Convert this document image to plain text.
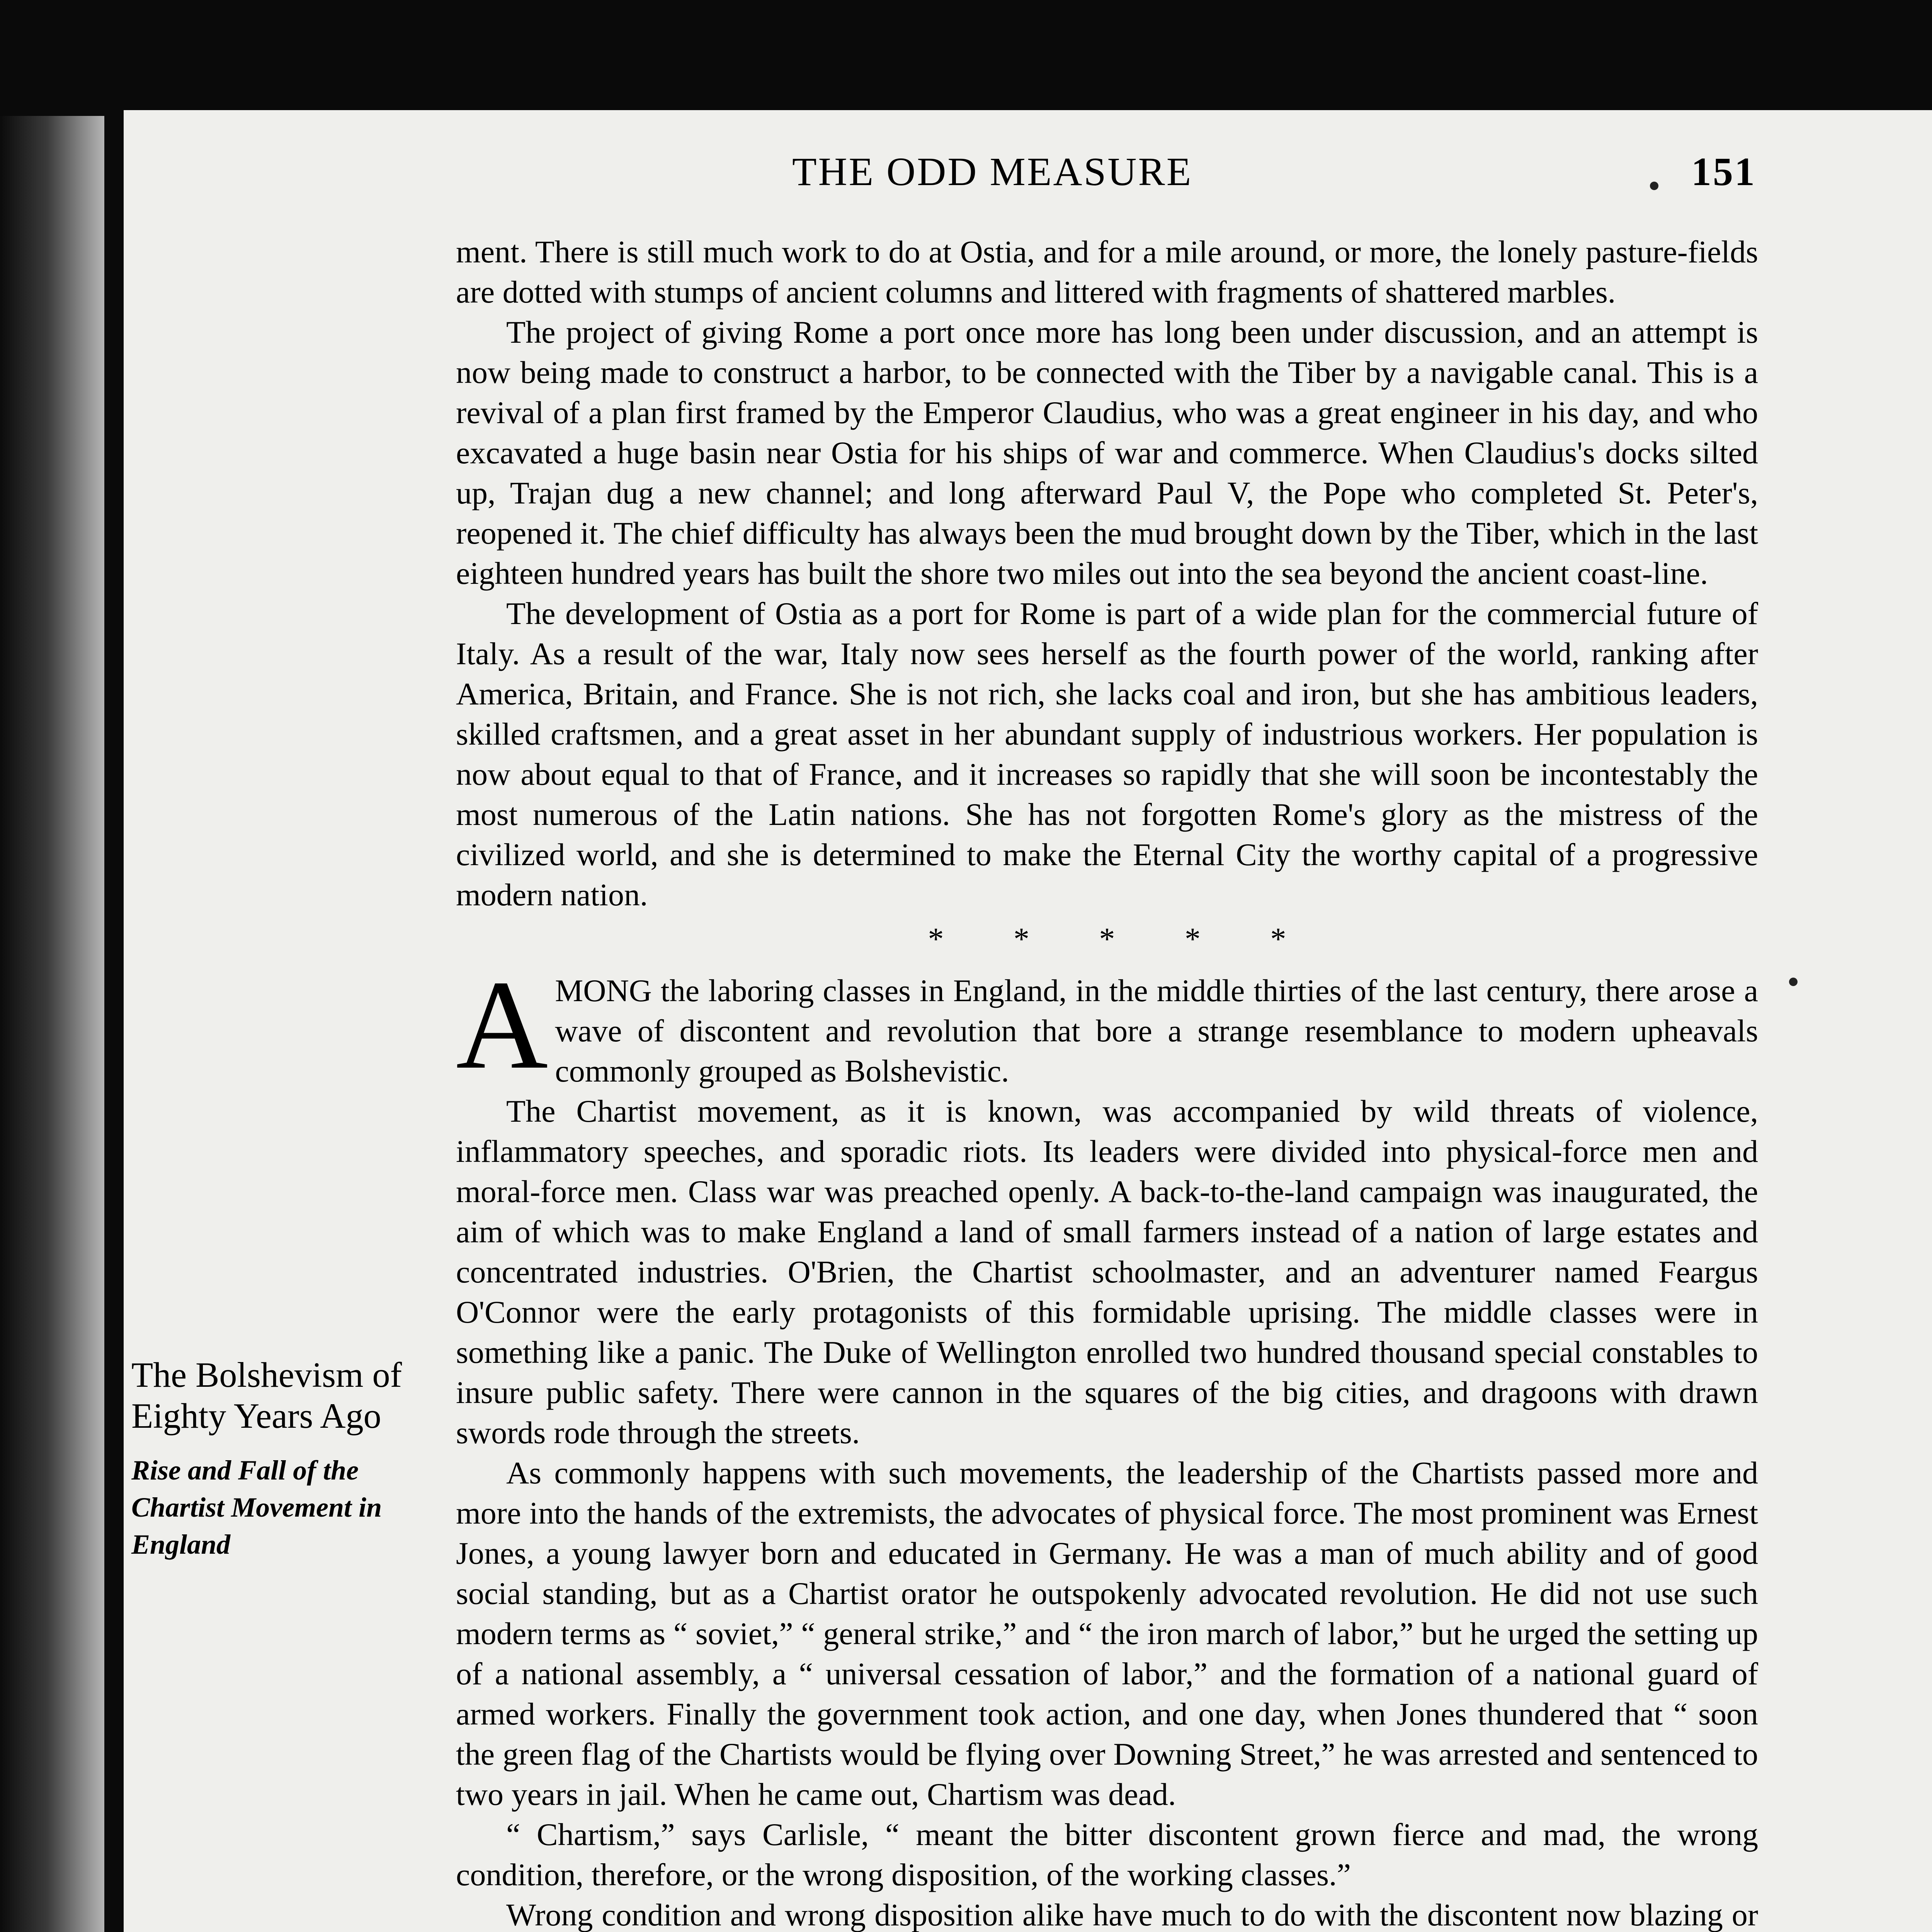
THE ODD MEASURE	151

The Bolshevism of Eighty Years Ago

Rise and Fall of the Chartist Movement in England

ment. There is still much work to do at Ostia, and for a mile around, or more, the lonely pasture-fields are dotted with stumps of ancient columns and littered with fragments of shattered marbles.

The project of giving Rome a port once more has long been under discussion, and an attempt is now being made to construct a harbor, to be connected with the Tiber by a navigable canal. This is a revival of a plan first framed by the Emperor Claudius, who was a great engineer in his day, and who excavated a huge basin near Ostia for his ships of war and commerce. When Claudius's docks silted up, Trajan dug a new channel; and long afterward Paul V, the Pope who completed St. Peter's, reopened it. The chief difficulty has always been the mud brought down by the Tiber, which in the last eighteen hundred years has built the shore two miles out into the sea beyond the ancient coast-line.

The development of Ostia as a port for Rome is part of a wide plan for the commercial future of Italy. As a result of the war, Italy now sees herself as the fourth power of the world, ranking after America, Britain, and France. She is not rich, she lacks coal and iron, but she has ambitious leaders, skilled craftsmen, and a great asset in her abundant supply of industrious workers. Her population is now about equal to that of France, and it increases so rapidly that she will soon be incontestably the most numerous of the Latin nations. She has not forgotten Rome's glory as the mistress of the civilized world, and she is determined to make the Eternal City the worthy capital of a progressive modern nation.

* * * * *

AMONG the laboring classes in England, in the middle thirties of the last century, there arose a wave of discontent and revolution that bore a strange resemblance to modern upheavals commonly grouped as Bolshevistic.

The Chartist movement, as it is known, was accompanied by wild threats of violence, inflammatory speeches, and sporadic riots. Its leaders were divided into physical-force men and moral-force men. Class war was preached openly. A back-to-the-land campaign was inaugurated, the aim of which was to make England a land of small farmers instead of a nation of large estates and concentrated industries. O'Brien, the Chartist schoolmaster, and an adventurer named Feargus O'Connor were the early protagonists of this formidable uprising. The middle classes were in something like a panic. The Duke of Wellington enrolled two hundred thousand special constables to insure public safety. There were cannon in the squares of the big cities, and dragoons with drawn swords rode through the streets.

As commonly happens with such movements, the leadership of the Chartists passed more and more into the hands of the extremists, the advocates of physical force. The most prominent was Ernest Jones, a young lawyer born and educated in Germany. He was a man of much ability and of good social standing, but as a Chartist orator he outspokenly advocated revolution. He did not use such modern terms as “ soviet,” “ general strike,” and “ the iron march of labor,” but he urged the setting up of a national assembly, a “ universal cessation of labor,” and the formation of a national guard of armed workers. Finally the government took action, and one day, when Jones thundered that “ soon the green flag of the Chartists would be flying over Downing Street,” he was arrested and sentenced to two years in jail. When he came out, Chartism was dead.

“ Chartism,” says Carlisle, “ meant the bitter discontent grown fierce and mad, the wrong condition, therefore, or the wrong disposition, of the working classes.”

Wrong condition and wrong disposition alike have much to do with the discontent now blazing or
